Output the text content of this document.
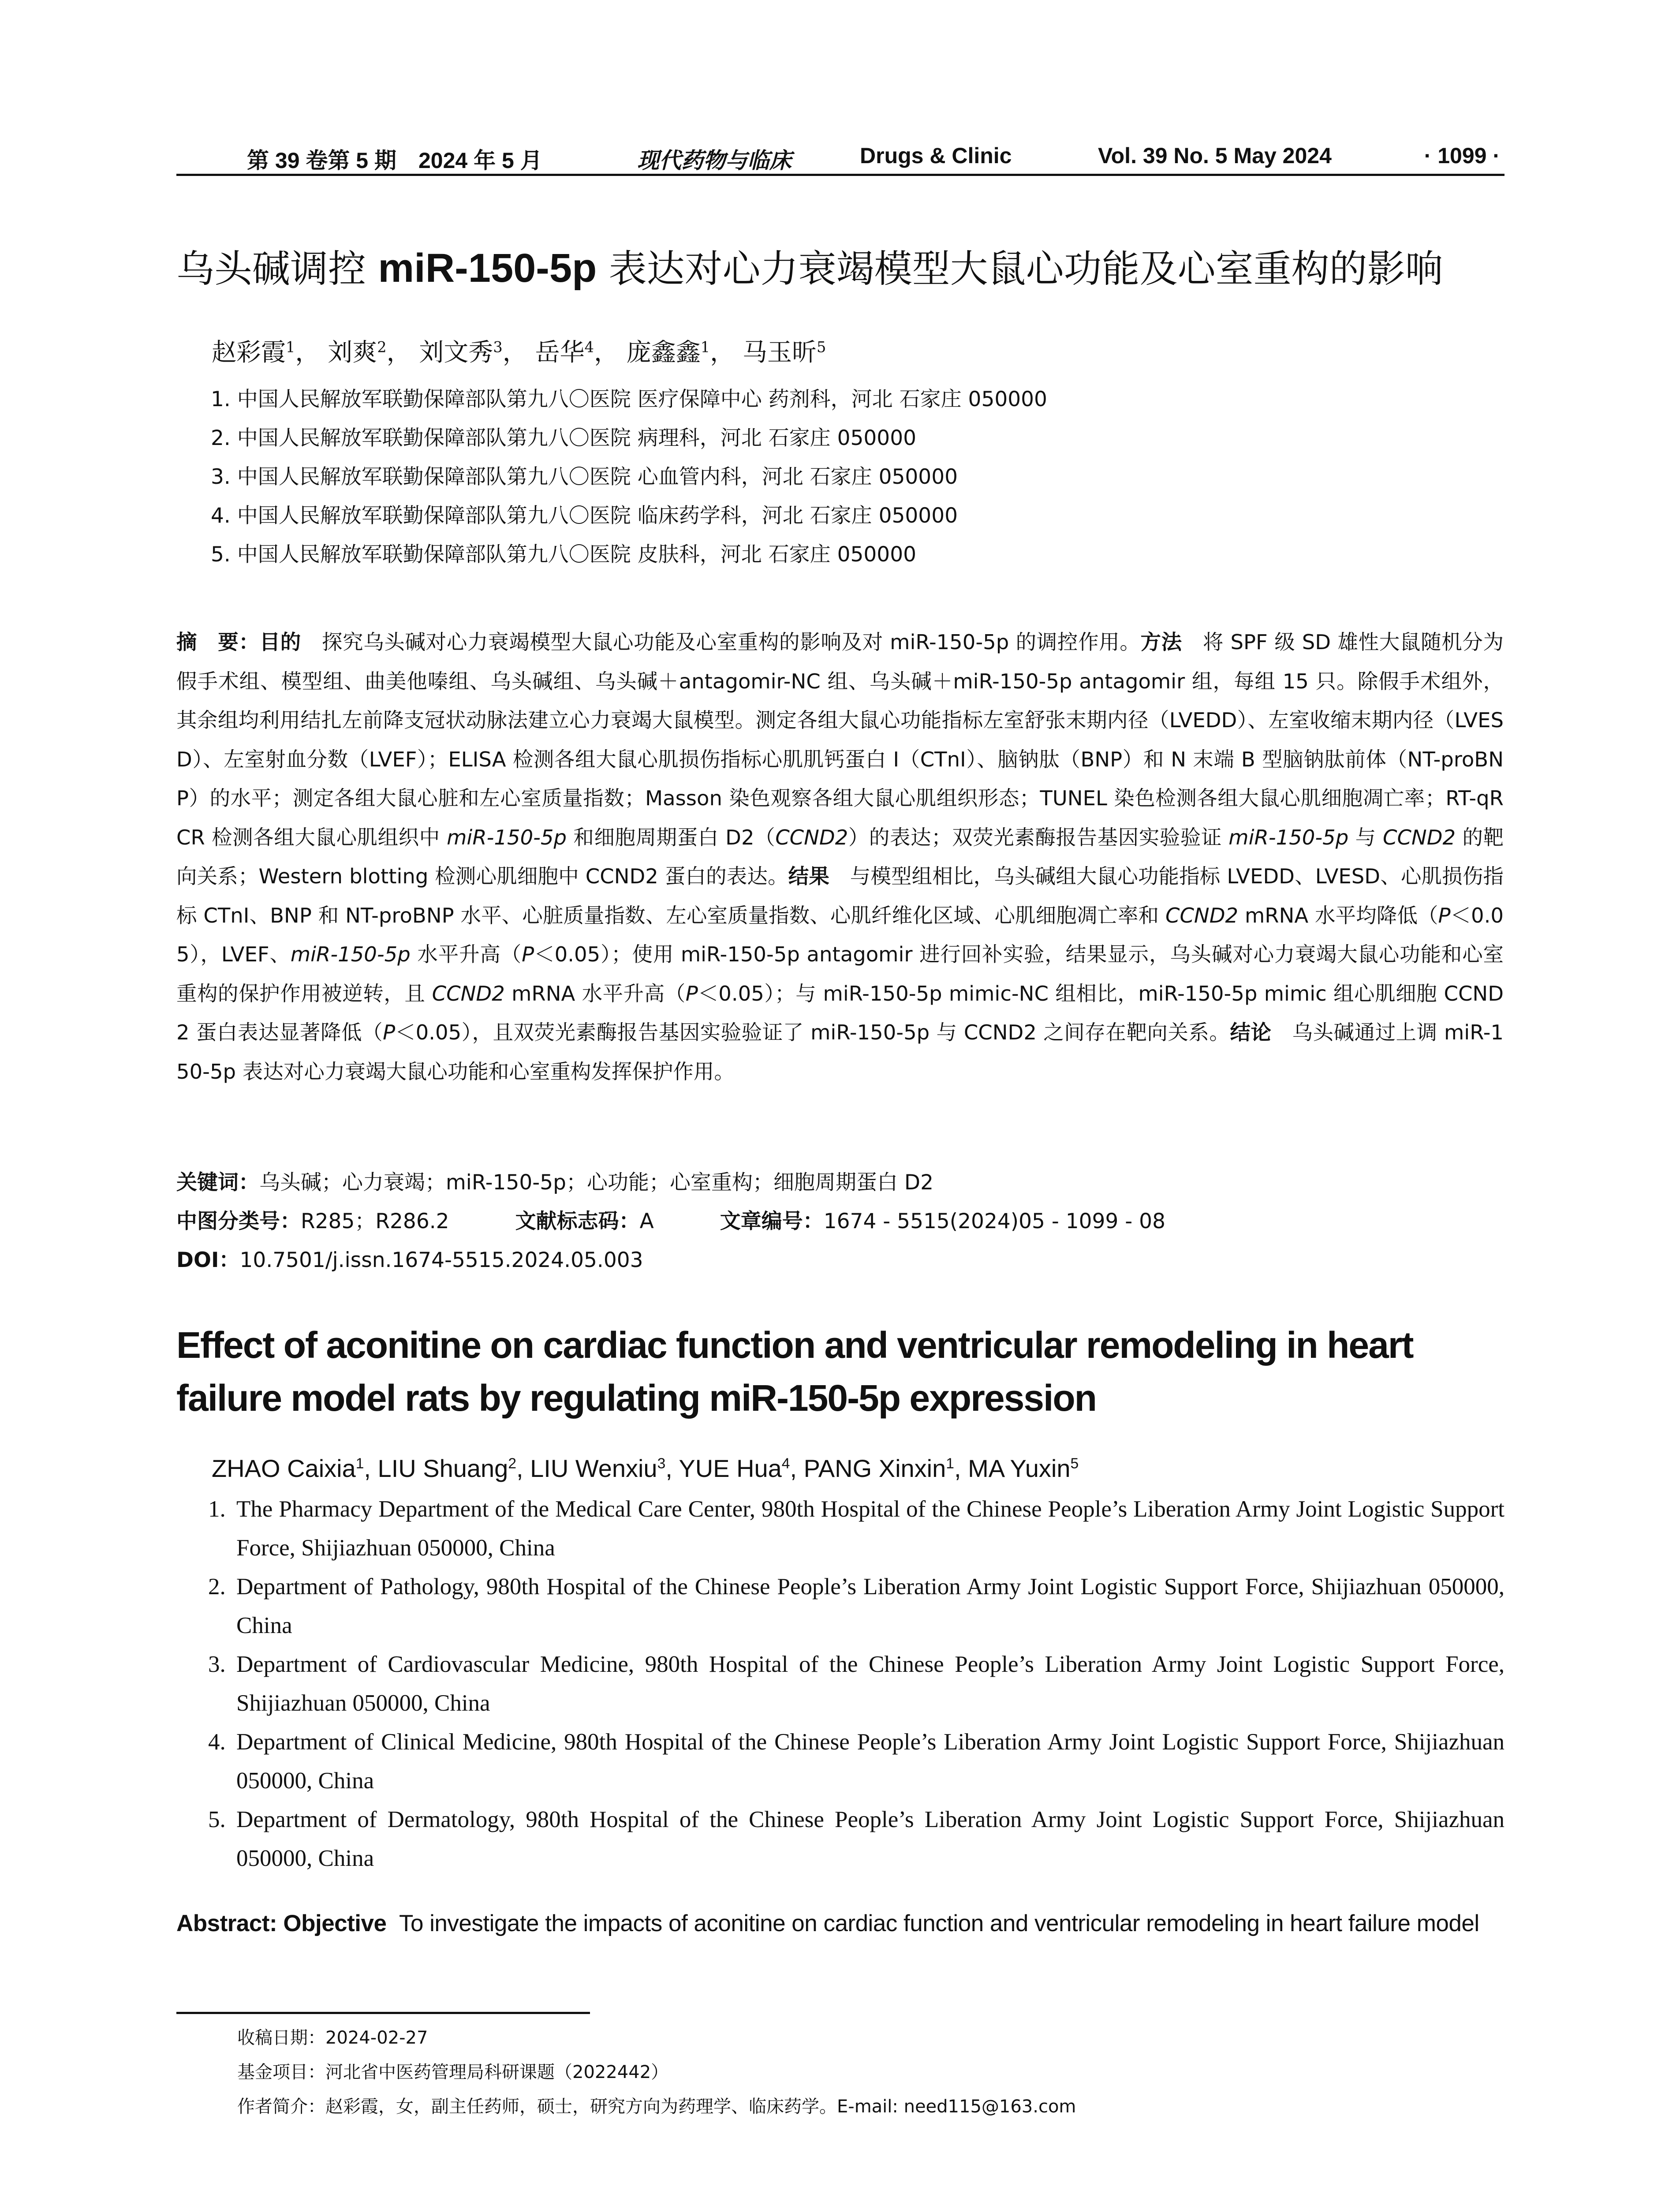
第 39 卷第 5 期　2024 年 5 月	现代药物与临床	Drugs & Clinic	Vol. 39 No. 5 May 2024	· 1099 ·
乌头碱调控 miR-150-5p 表达对心力衰竭模型大鼠心功能及心室重构的影响
赵彩霞$^1$， 刘爽$^2$， 刘文秀$^3$， 岳华$^4$， 庞鑫鑫$^1$， 马玉昕$^5$
1. 中国人民解放军联勤保障部队第九八〇医院 医疗保障中心 药剂科，河北 石家庄 050000
2. 中国人民解放军联勤保障部队第九八〇医院 病理科，河北 石家庄 050000
3. 中国人民解放军联勤保障部队第九八〇医院 心血管内科，河北 石家庄 050000
4. 中国人民解放军联勤保障部队第九八〇医院 临床药学科，河北 石家庄 050000
5. 中国人民解放军联勤保障部队第九八〇医院 皮肤科，河北 石家庄 050000
摘　要：目的　探究乌头碱对心力衰竭模型大鼠心功能及心室重构的影响及对 miR-150-5p 的调控作用。方法　将 SPF 级 SD 雄性大鼠随机分为假手术组、模型组、曲美他嗪组、乌头碱组、乌头碱＋antagomir-NC 组、乌头碱＋miR-150-5p antagomir 组，每组 15 只。除假手术组外，其余组均利用结扎左前降支冠状动脉法建立心力衰竭大鼠模型。测定各组大鼠心功能指标左室舒张末期内径（LVEDD）、左室收缩末期内径（LVESD）、左室射血分数（LVEF）；ELISA 检测各组大鼠心肌损伤指标心肌肌钙蛋白 I（CTnI）、脑钠肽（BNP）和 N 末端 B 型脑钠肽前体（NT-proBNP）的水平；测定各组大鼠心脏和左心室质量指数；Masson 染色观察各组大鼠心肌组织形态；TUNEL 染色检测各组大鼠心肌细胞凋亡率；RT-qRCR 检测各组大鼠心肌组织中 miR-150-5p 和细胞周期蛋白 D2（CCND2）的表达；双荧光素酶报告基因实验验证 miR-150-5p 与 CCND2 的靶向关系；Western blotting 检测心肌细胞中 CCND2 蛋白的表达。结果　与模型组相比，乌头碱组大鼠心功能指标 LVEDD、LVESD、心肌损伤指标 CTnI、BNP 和 NT-proBNP 水平、心脏质量指数、左心室质量指数、心肌纤维化区域、心肌细胞凋亡率和 CCND2 mRNA 水平均降低（P＜0.05），LVEF、miR-150-5p 水平升高（P＜0.05）；使用 miR-150-5p antagomir 进行回补实验，结果显示，乌头碱对心力衰竭大鼠心功能和心室重构的保护作用被逆转，且 CCND2 mRNA 水平升高（P＜0.05）；与 miR-150-5p mimic-NC 组相比，miR-150-5p mimic 组心肌细胞 CCND2 蛋白表达显著降低（P＜0.05），且双荧光素酶报告基因实验验证了 miR-150-5p 与 CCND2 之间存在靶向关系。结论　乌头碱通过上调 miR-150-5p 表达对心力衰竭大鼠心功能和心室重构发挥保护作用。
关键词：乌头碱；心力衰竭；miR-150-5p；心功能；心室重构；细胞周期蛋白 D2
中图分类号：R285；R286.2	文献标志码：A	文章编号：1674 - 5515(2024)05 - 1099 - 08
DOI：10.7501/j.issn.1674-5515.2024.05.003
Effect of aconitine on cardiac function and ventricular remodeling in heart failure model rats by regulating miR-150-5p expression
ZHAO Caixia$^1$, LIU Shuang$^2$, LIU Wenxiu$^3$, YUE Hua$^4$, PANG Xinxin$^1$, MA Yuxin$^5$
1. The Pharmacy Department of the Medical Care Center, 980th Hospital of the Chinese People’s Liberation Army Joint Logistic Support Force, Shijiazhuan 050000, China
2. Department of Pathology, 980th Hospital of the Chinese People’s Liberation Army Joint Logistic Support Force, Shijiazhuan 050000, China
3. Department of Cardiovascular Medicine, 980th Hospital of the Chinese People’s Liberation Army Joint Logistic Support Force, Shijiazhuan 050000, China
4. Department of Clinical Medicine, 980th Hospital of the Chinese People’s Liberation Army Joint Logistic Support Force, Shijiazhuan 050000, China
5. Department of Dermatology, 980th Hospital of the Chinese People’s Liberation Army Joint Logistic Support Force, Shijiazhuan 050000, China
Abstract: Objective To investigate the impacts of aconitine on cardiac function and ventricular remodeling in heart failure model
收稿日期：2024-02-27
基金项目：河北省中医药管理局科研课题（2022442）
作者简介：赵彩霞，女，副主任药师，硕士，研究方向为药理学、临床药学。E-mail: need115@163.com
